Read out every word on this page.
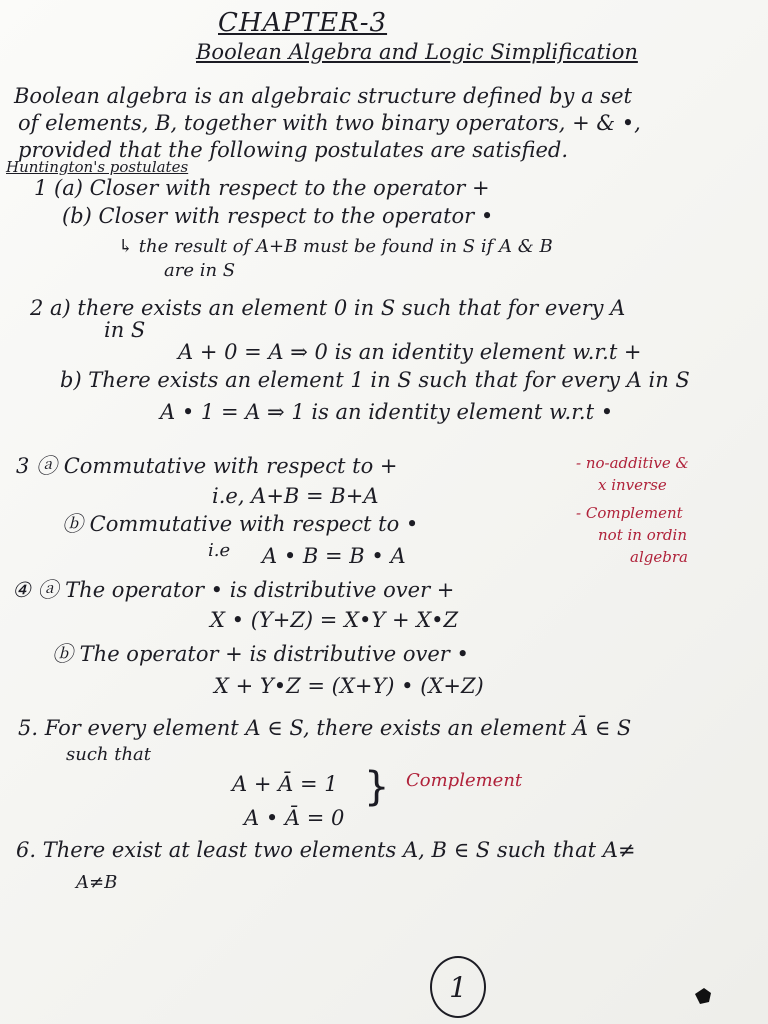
CHAPTER-3
Boolean Algebra and Logic Simplification
Boolean algebra is an algebraic structure defined by a set
of elements, B, together with two binary operators, + & •,
provided that the following postulates are satisfied.
Huntington's postulates
1 (a) Closer with respect to the operator +
(b) Closer with respect to the operator •
↳ the result of A+B must be found in S if A & B
are in S
2 a) there exists an element 0 in S such that for every A
in S
A + 0 = A ⇒ 0 is an identity element w.r.t +
b) There exists an element 1 in S such that for every A in S
A • 1 = A ⇒ 1 is an identity element w.r.t •
3 ⓐ Commutative with respect to +
i.e, A+B = B+A
ⓑ Commutative with respect to •
i.e A • B = B • A
- no-additive &
x inverse
- Complement
not in ordin
algebra
④ ⓐ The operator • is distributive over +
X • (Y+Z) = X•Y + X•Z
ⓑ The operator + is distributive over •
X + Y•Z = (X+Y) • (X+Z)
5. For every element A ∈ S, there exists an element Ā ∈ S
such that
A + Ā = 1
A • Ā = 0
} Complement
6. There exist at least two elements A, B ∈ S such that A≠
A≠B
1
